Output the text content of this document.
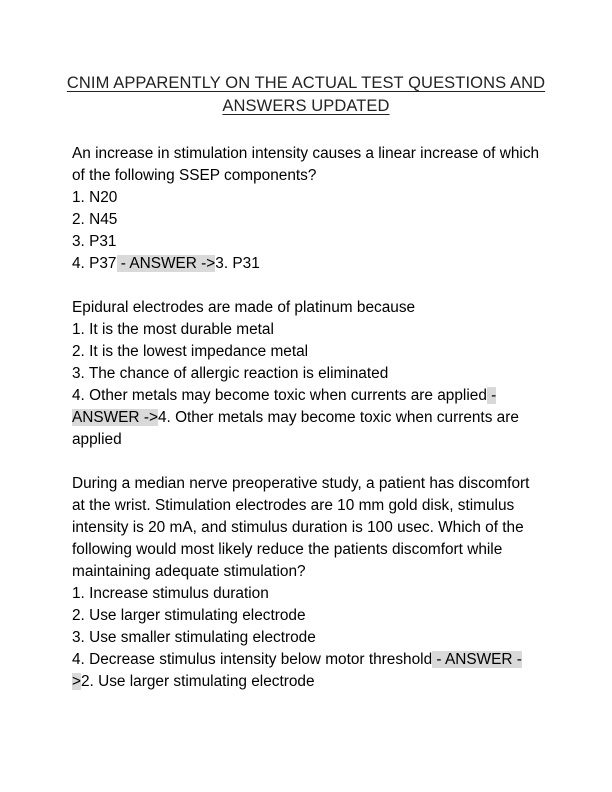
CNIM APPARENTLY ON THE ACTUAL TEST QUESTIONS AND
ANSWERS UPDATED
An increase in stimulation intensity causes a linear increase of which of the following SSEP components?
1. N20
2. N45
3. P31
4. P37 - ANSWER ->3. P31
Epidural electrodes are made of platinum because
1. It is the most durable metal
2. It is the lowest impedance metal
3. The chance of allergic reaction is eliminated
4. Other metals may become toxic when currents are applied - ANSWER ->4. Other metals may become toxic when currents are applied
During a median nerve preoperative study, a patient has discomfort at the wrist. Stimulation electrodes are 10 mm gold disk, stimulus intensity is 20 mA, and stimulus duration is 100 usec. Which of the following would most likely reduce the patients discomfort while maintaining adequate stimulation?
1. Increase stimulus duration
2. Use larger stimulating electrode
3. Use smaller stimulating electrode
4. Decrease stimulus intensity below motor threshold - ANSWER ->2. Use larger stimulating electrode
